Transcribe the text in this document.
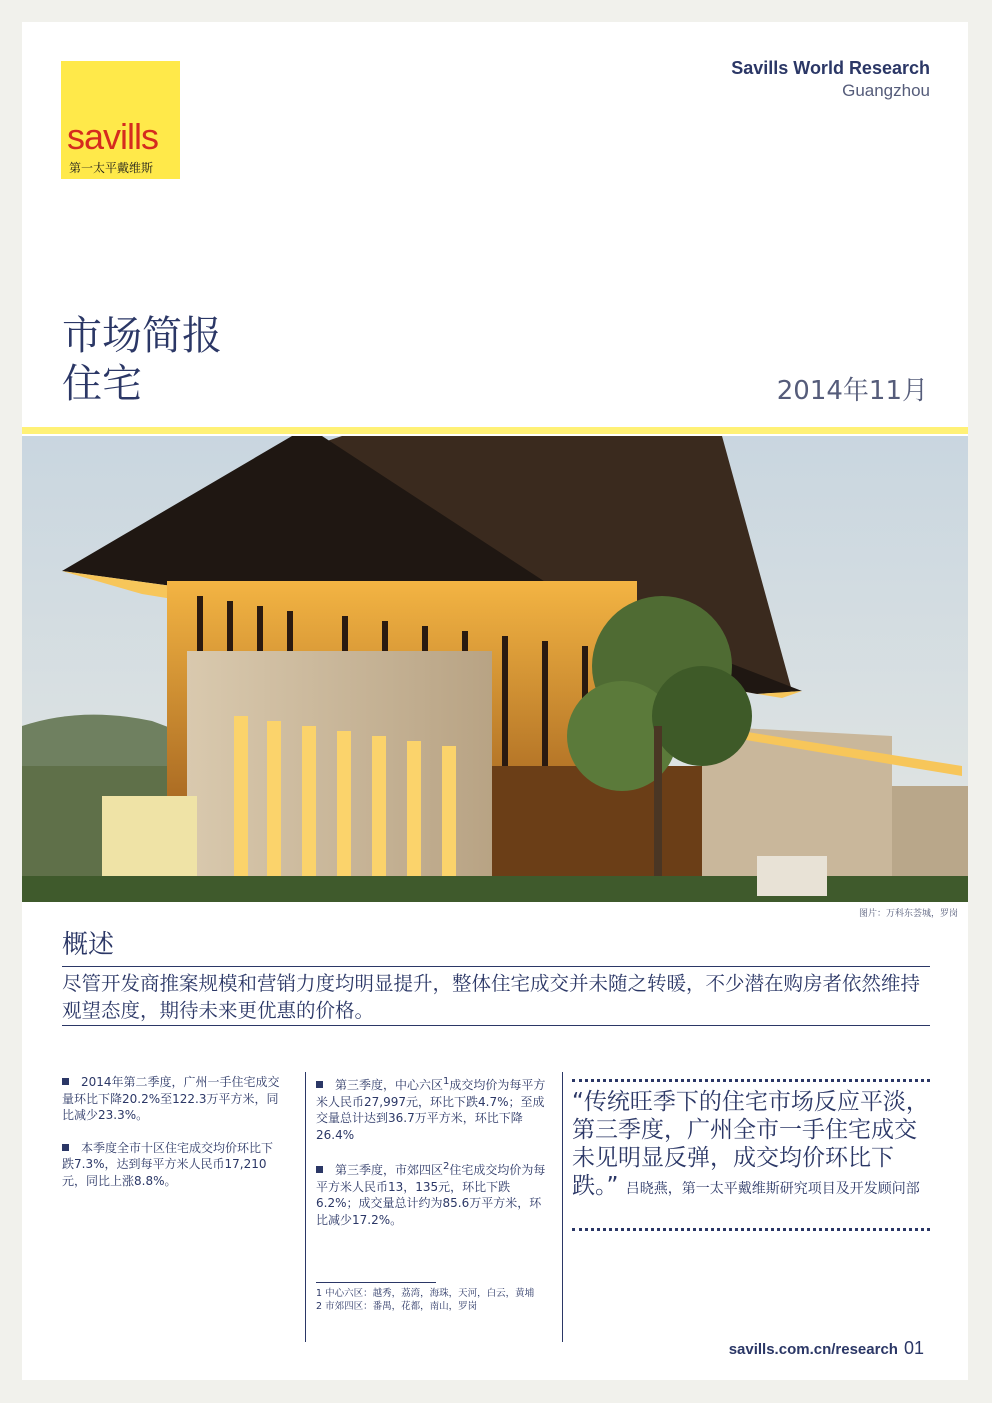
savills
第一太平戴维斯
Savills World Research
Guangzhou
市场简报
住宅	2014年11月
图片：万科东荟城，罗岗
概述
尽管开发商推案规模和营销力度均明显提升，整体住宅成交并未随之转暖，不少潜在购房者依然维持观望态度，期待未来更优惠的价格。
2014年第二季度，广州一手住宅成交量环比下降20.2%至122.3万平方米，同比减少23.3%。
本季度全市十区住宅成交均价环比下跌7.3%，达到每平方米人民币17,210元，同比上涨8.8%。
第三季度，中心六区$^1$成交均价为每平方米人民币27,997元，环比下跌4.7%；至成交量总计达到36.7万平方米，环比下降26.4%
第三季度，市郊四区$^2$住宅成交均价为每平方米人民币13，135元，环比下跌6.2%；成交量总计约为85.6万平方米，环比减少17.2%。
“传统旺季下的住宅市场反应平淡，第三季度，广州全市一手住宅成交未见明显反弹，成交均价环比下跌。” 吕晓燕，第一太平戴维斯研究项目及开发顾问部
1 中心六区：越秀，荔湾，海珠，天河，白云，黄埔
2 市郊四区：番禺，花都，南山，罗岗
savills.com.cn/research 01
